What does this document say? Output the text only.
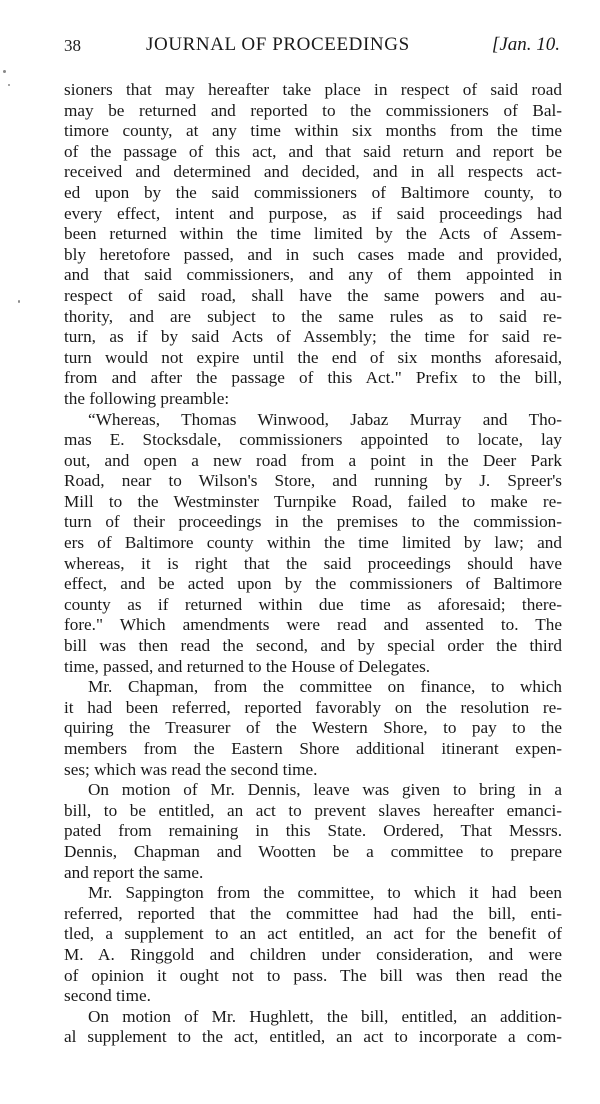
38	JOURNAL OF PROCEEDINGS	[Jan. 10.
sioners that may hereafter take place in respect of said road
may be returned and reported to the commissioners of Bal-
timore county, at any time within six months from the time
of the passage of this act, and that said return and report be
received and determined and decided, and in all respects act-
ed upon by the said commissioners of Baltimore county, to
every effect, intent and purpose, as if said proceedings had
been returned within the time limited by the Acts of Assem-
bly heretofore passed, and in such cases made and provided,
and that said commissioners, and any of them appointed in
respect of said road, shall have the same powers and au-
thority, and are subject to the same rules as to said re-
turn, as if by said Acts of Assembly; the time for said re-
turn would not expire until the end of six months aforesaid,
from and after the passage of this Act." Prefix to the bill,
the following preamble:
“Whereas, Thomas Winwood, Jabaz Murray and Tho-
mas E. Stocksdale, commissioners appointed to locate, lay
out, and open a new road from a point in the Deer Park
Road, near to Wilson's Store, and running by J. Spreer's
Mill to the Westminster Turnpike Road, failed to make re-
turn of their proceedings in the premises to the commission-
ers of Baltimore county within the time limited by law; and
whereas, it is right that the said proceedings should have
effect, and be acted upon by the commissioners of Baltimore
county as if returned within due time as aforesaid; there-
fore." Which amendments were read and assented to. The
bill was then read the second, and by special order the third
time, passed, and returned to the House of Delegates.
Mr. Chapman, from the committee on finance, to which
it had been referred, reported favorably on the resolution re-
quiring the Treasurer of the Western Shore, to pay to the
members from the Eastern Shore additional itinerant expen-
ses; which was read the second time.
On motion of Mr. Dennis, leave was given to bring in a
bill, to be entitled, an act to prevent slaves hereafter emanci-
pated from remaining in this State. Ordered, That Messrs.
Dennis, Chapman and Wootten be a committee to prepare
and report the same.
Mr. Sappington from the committee, to which it had been
referred, reported that the committee had had the bill, enti-
tled, a supplement to an act entitled, an act for the benefit of
M. A. Ringgold and children under consideration, and were
of opinion it ought not to pass. The bill was then read the
second time.
On motion of Mr. Hughlett, the bill, entitled, an addition-
al supplement to the act, entitled, an act to incorporate a com-
